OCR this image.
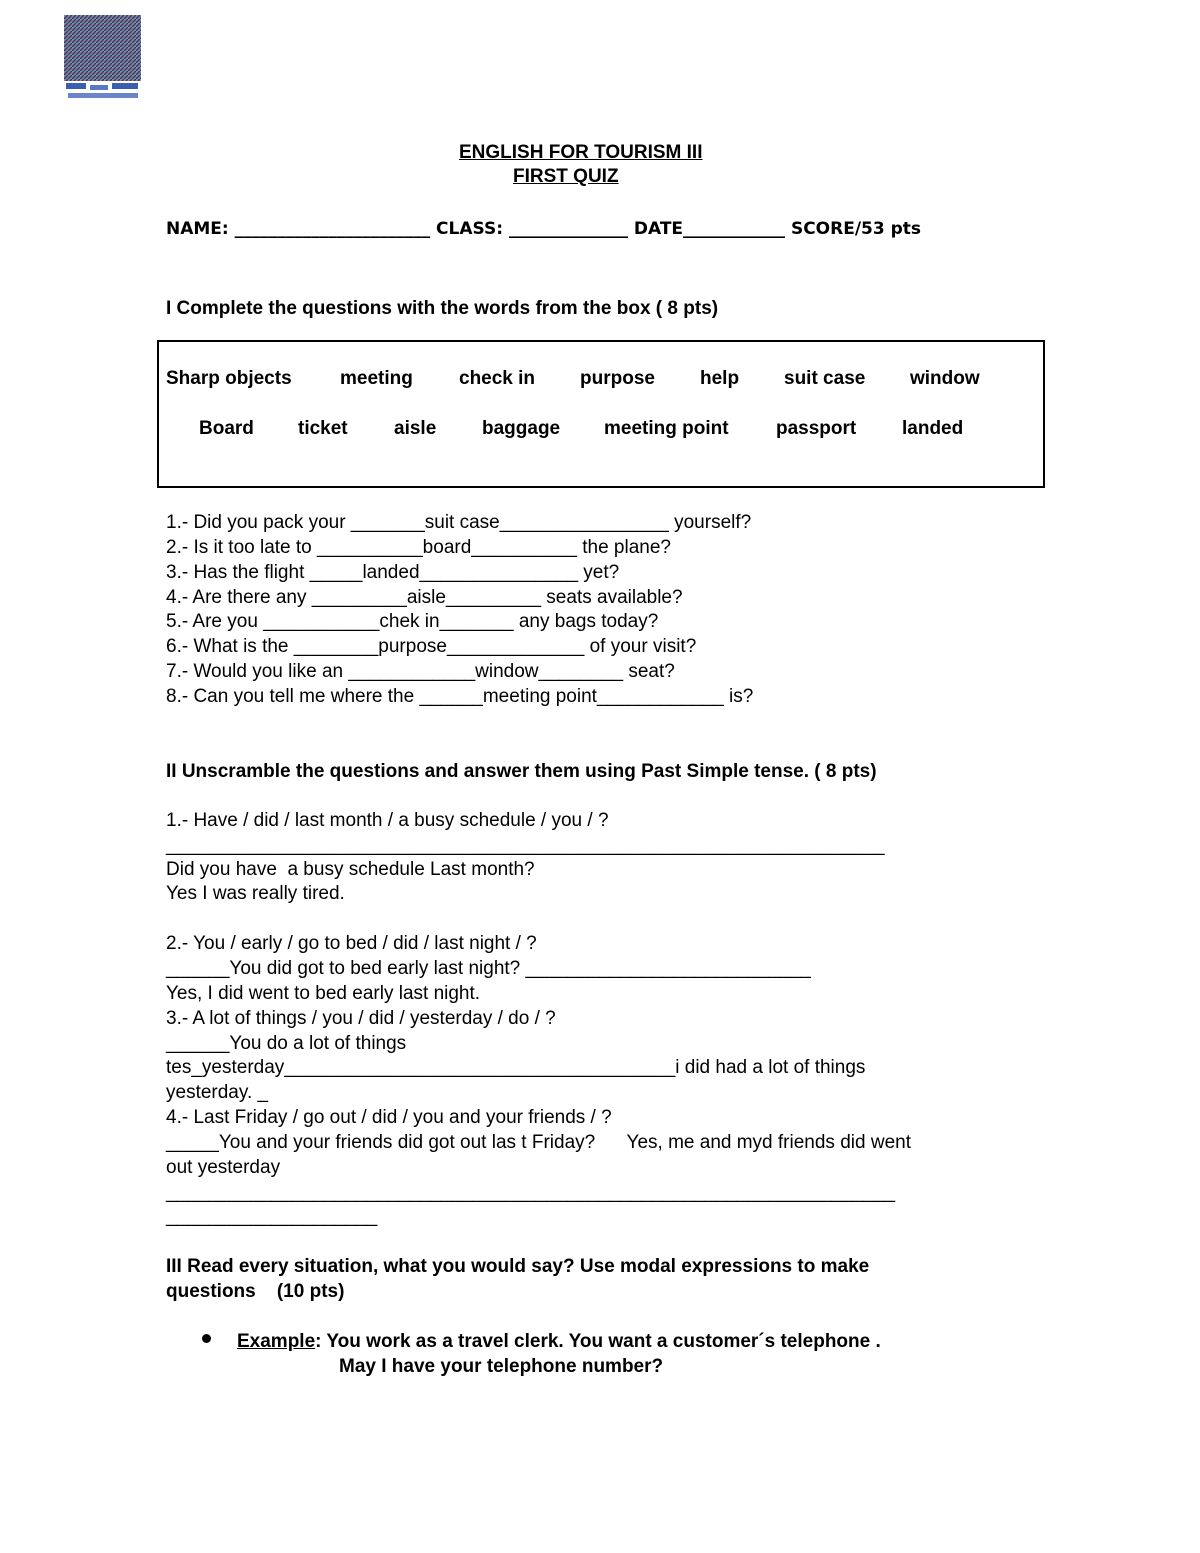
ENGLISH FOR TOURISM III
FIRST QUIZ
NAME: _______________________ CLASS: ______________ DATE____________ SCORE/53 pts
I Complete the questions with the words from the box ( 8 pts)
Sharp objects	meeting check in purpose help suit case window
Board ticket aisle baggage meeting point passport landed
1.- Did you pack your _______suit case________________ yourself?
2.- Is it too late to __________board__________ the plane?
3.- Has the flight _____landed_______________ yet?
4.- Are there any _________aisle_________ seats available?
5.- Are you ___________chek in_______ any bags today?
6.- What is the ________purpose_____________ of your visit?
7.- Would you like an ____________window________ seat?
8.- Can you tell me where the ______meeting point____________ is?
II Unscramble the questions and answer them using Past Simple tense. ( 8 pts)
1.- Have / did / last month / a busy schedule / you / ?
____________________________________________________________________
Did you have  a busy schedule Last month?
Yes I was really tired.
2.- You / early / go to bed / did / last night / ?
______You did got to bed early last night? ___________________________
Yes, I did went to bed early last night.
3.- A lot of things / you / did / yesterday / do / ?
______You do a lot of things
tes_yesterday_____________________________________i did had a lot of things
yesterday. _
4.- Last Friday / go out / did / you and your friends / ?
_____You and your friends did got out las t Friday?      Yes, me and myd friends did went
out yesterday
_____________________________________________________________________
____________________
III Read every situation, what you would say? Use modal expressions to make
questions    (10 pts)
Example: You work as a travel clerk. You want a customer´s telephone .
May I have your telephone number?
